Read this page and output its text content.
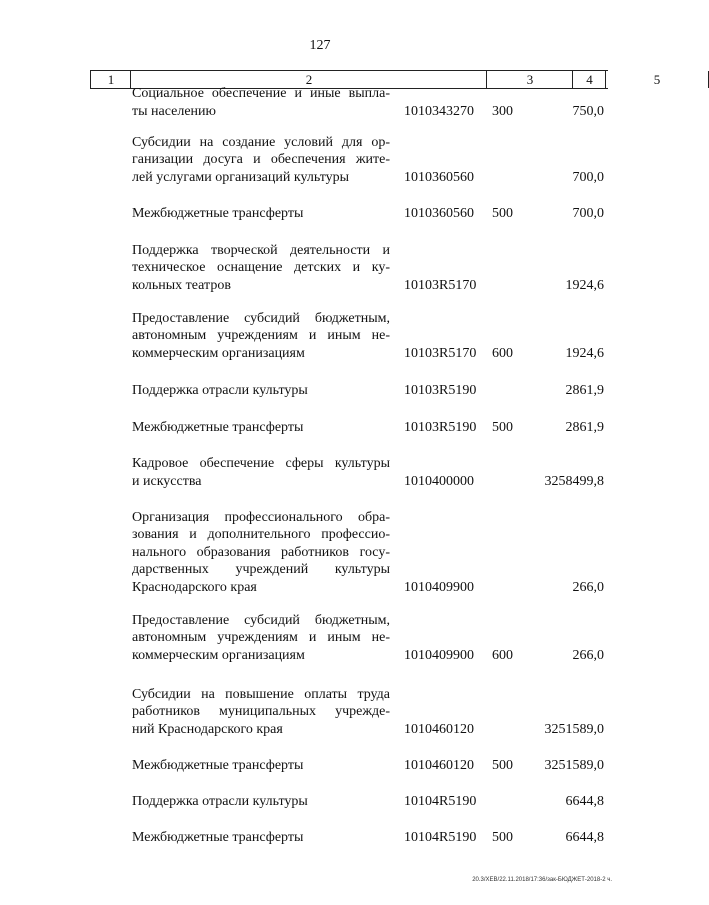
127
1	2	3	4	5
Социальное обеспечение и иные выпла-
ты населению	1010343270 300	750,0
Субсидии на создание условий для ор-
ганизации досуга и обеспечения жите-
лей услугами организаций культуры	1010360560	700,0
Межбюджетные трансферты	1010360560 500	700,0
Поддержка творческой деятельности и
техническое оснащение детских и ку-
кольных театров	10103R5170	1924,6
Предоставление субсидий бюджетным,
автономным учреждениям и иным не-
коммерческим организациям	10103R5170 600	1924,6
Поддержка отрасли культуры	10103R5190	2861,9
Межбюджетные трансферты	10103R5190 500	2861,9
Кадровое обеспечение сферы культуры
и искусства	1010400000	3258499,8
Организация профессионального обра-
зования и дополнительного профессио-
нального образования работников госу-
дарственных учреждений культуры
Краснодарского края	1010409900	266,0
Предоставление субсидий бюджетным,
автономным учреждениям и иным не-
коммерческим организациям	1010409900 600	266,0
Субсидии на повышение оплаты труда
работников муниципальных учрежде-
ний Краснодарского края	1010460120	3251589,0
Межбюджетные трансферты	1010460120 500 3251589,0
Поддержка отрасли культуры	10104R5190	6644,8
Межбюджетные трансферты	10104R5190 500	6644,8
20.3/ХЕВ/22.11.2018/17:36/зак-БЮДЖЕТ-2018-2 ч.
